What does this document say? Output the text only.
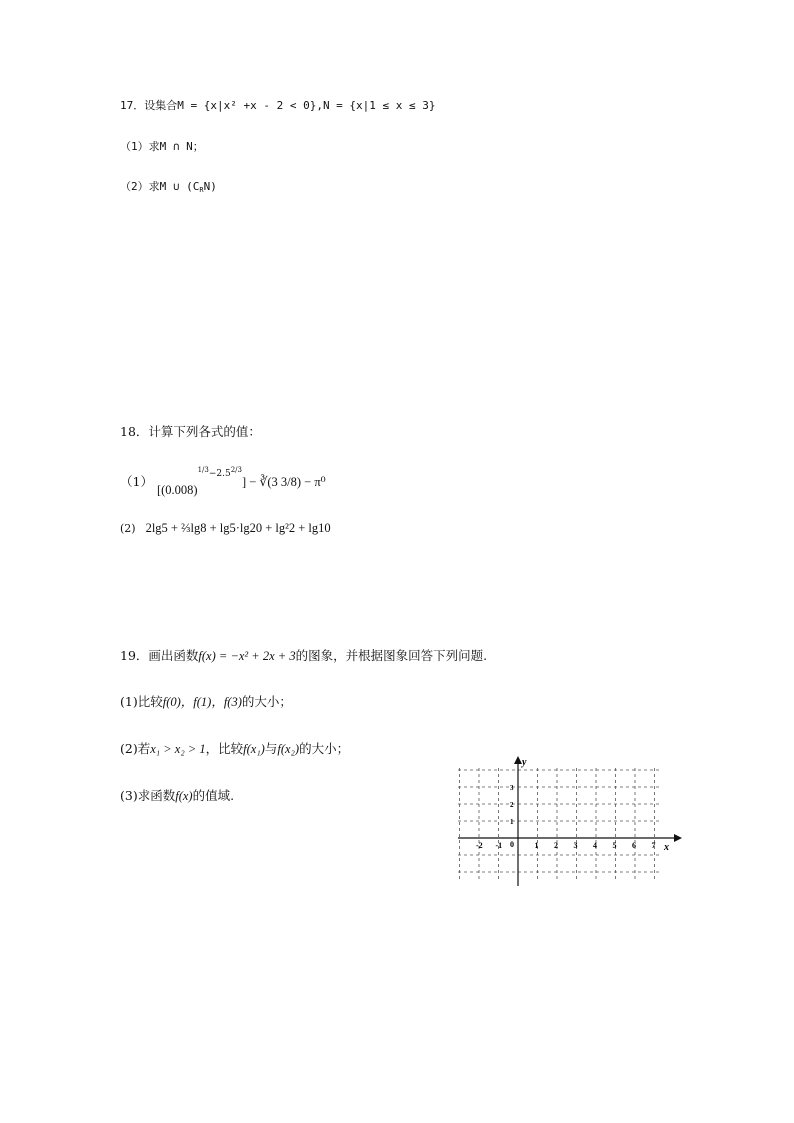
17．设集合M = {x|x² +x - 2 < 0},N = {x|1 ≤ x ≤ 3}
（1）求M ∩ N；
（2）求M ∪ $(C_RN)$
18．计算下列各式的值：
（1） $[(0.008)^{1/3-2.52/3}]$ − ∛(3 3/8) − π⁰
(2) 2lg5 + ⅔lg8 + lg5·lg20 + lg²2 + lg10
19．画出函数f(x) = −x² + 2x + 3的图象，并根据图象回答下列问题.
(1)比较f(0)，f(1)，f(3)的大小；
(2)若x₁ > x₂ > 1，比较f(x₁)与f(x₂)的大小；
(3)求函数f(x)的值域.
x
y
0
-2 -1	1 2 3 4 5 6 7
3
2
1
